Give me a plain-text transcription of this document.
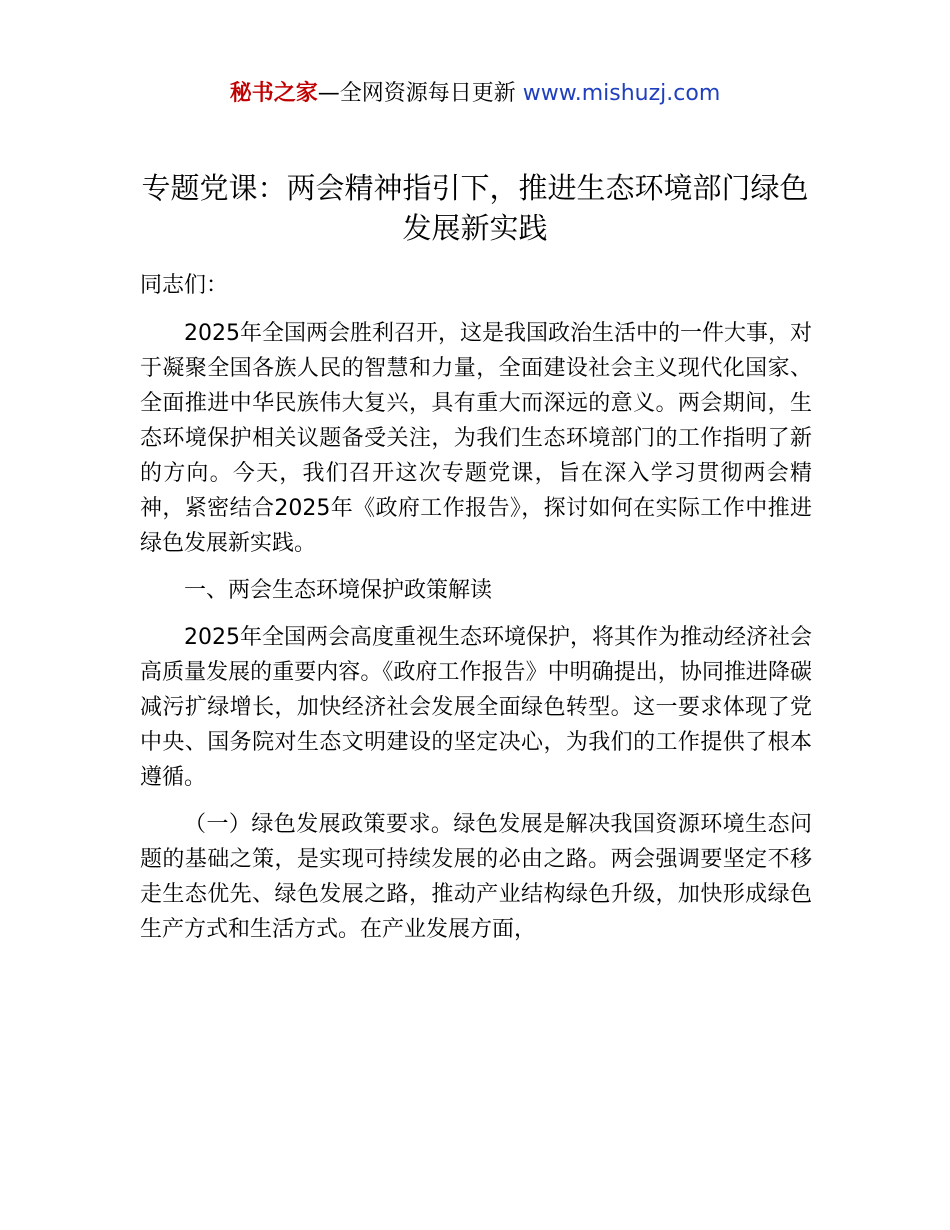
秘书之家—全网资源每日更新 www.mishuzj.com
专题党课：两会精神指引下，推进生态环境部门绿色发展新实践

同志们：

2025年全国两会胜利召开，这是我国政治生活中的一件大事，对于凝聚全国各族人民的智慧和力量，全面建设社会主义现代化国家、全面推进中华民族伟大复兴，具有重大而深远的意义。两会期间，生态环境保护相关议题备受关注，为我们生态环境部门的工作指明了新的方向。今天，我们召开这次专题党课，旨在深入学习贯彻两会精神，紧密结合2025年《政府工作报告》，探讨如何在实际工作中推进绿色发展新实践。

一、两会生态环境保护政策解读

2025年全国两会高度重视生态环境保护，将其作为推动经济社会高质量发展的重要内容。《政府工作报告》中明确提出，协同推进降碳减污扩绿增长，加快经济社会发展全面绿色转型。这一要求体现了党中央、国务院对生态文明建设的坚定决心，为我们的工作提供了根本遵循。

（一）绿色发展政策要求。绿色发展是解决我国资源环境生态问题的基础之策，是实现可持续发展的必由之路。两会强调要坚定不移走生态优先、绿色发展之路，推动产业结构绿色升级，加快形成绿色生产方式和生活方式。在产业发展方面，
